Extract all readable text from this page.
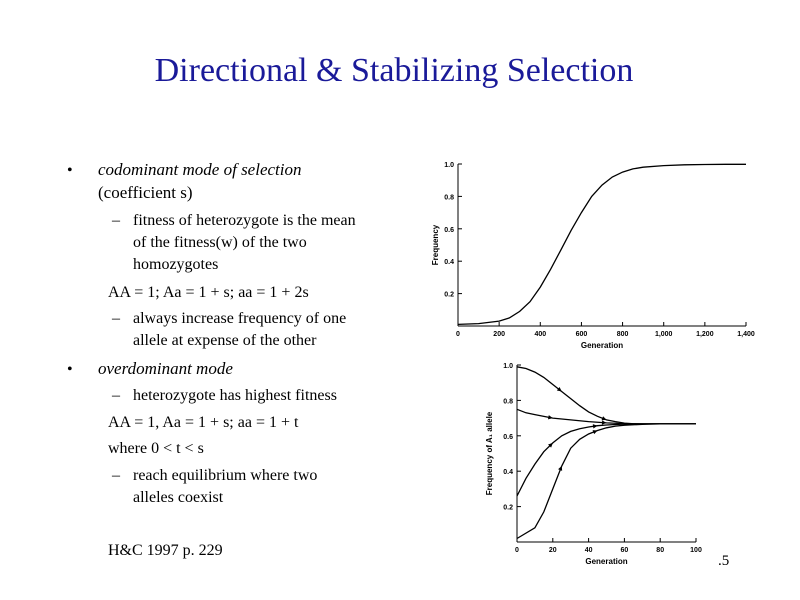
Directional & Stabilizing Selection
• codominant mode of selection
(coefficient s)
– fitness of heterozygote is the mean
of the fitness(w) of the two
homozygotes
AA = 1; Aa = 1 + s; aa = 1 + 2s
– always increase frequency of one
allele at expense of the other
• overdominant mode
– heterozygote has highest fitness
AA = 1, Aa = 1 + s; aa = 1 + t
where 0 < t < s
– reach equilibrium where two
alleles coexist
H&C 1997 p. 229
.5
0	200	400	600	800	1,000	1,200	1,400
0.2
0.4
0.6
0.8
1.0
Generation
Frequency
0	20	40	60	80	100
0.2
0.4
0.6
0.8
1.0
Generation
Frequency of A₁ allele
